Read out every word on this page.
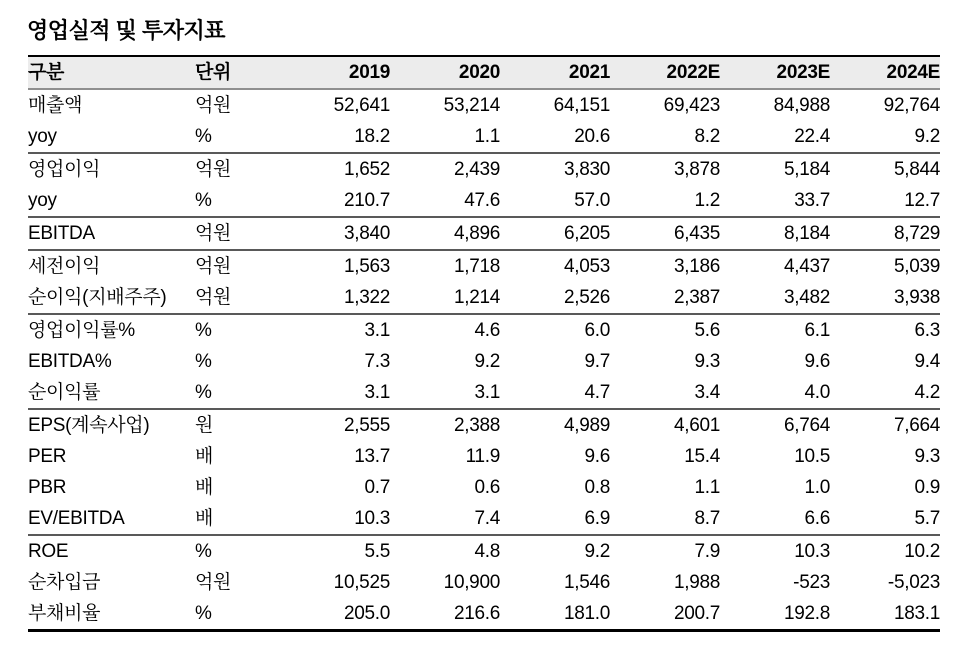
영업실적 및 투자지표
구분	단위	2019	2020	2021	2022E	2023E	2024E
매출액	억원	52,641	53,214	64,151	69,423	84,988	92,764
yoy	%	18.2	1.1	20.6	8.2	22.4	9.2
영업이익	억원	1,652	2,439	3,830	3,878	5,184	5,844
yoy	%	210.7	47.6	57.0	1.2	33.7	12.7
EBITDA	억원	3,840	4,896	6,205	6,435	8,184	8,729
세전이익	억원	1,563	1,718	4,053	3,186	4,437	5,039
순이익(지배주주)	억원	1,322	1,214	2,526	2,387	3,482	3,938
영업이익률%	%	3.1	4.6	6.0	5.6	6.1	6.3
EBITDA%	%	7.3	9.2	9.7	9.3	9.6	9.4
순이익률	%	3.1	3.1	4.7	3.4	4.0	4.2
EPS(계속사업)	원	2,555	2,388	4,989	4,601	6,764	7,664
PER	배	13.7	11.9	9.6	15.4	10.5	9.3
PBR	배	0.7	0.6	0.8	1.1	1.0	0.9
EV/EBITDA	배	10.3	7.4	6.9	8.7	6.6	5.7
ROE	%	5.5	4.8	9.2	7.9	10.3	10.2
순차입금	억원	10,525	10,900	1,546	1,988	-523	-5,023
부채비율	%	205.0	216.6	181.0	200.7	192.8	183.1
